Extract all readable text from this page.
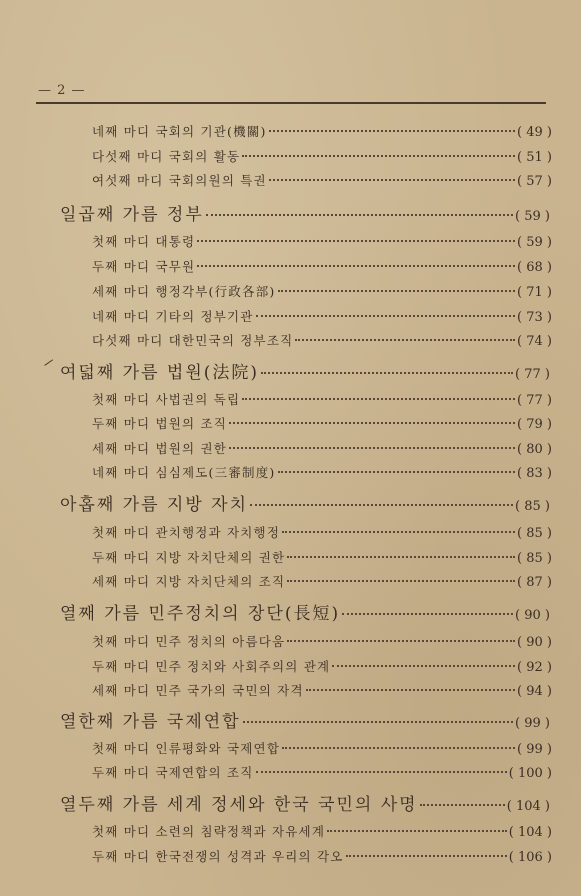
— 2 —
네째 마디 국회의 기관(機關)	( 49 )
다섯째 마디 국회의 활동	( 51 )
여섯째 마디 국회의원의 특권	( 57 )
일곱째 가름 정부	( 59 )
첫째 마디 대통령	( 59 )
두째 마디 국무원	( 68 )
세째 마디 행정각부(行政各部)	( 71 )
네째 마디 기타의 정부기관	( 73 )
다섯째 마디 대한민국의 정부조직	( 74 )
여덟째 가름 법원(法院)	( 77 )
첫째 마디 사법권의 독립	( 77 )
두째 마디 법원의 조직	( 79 )
세째 마디 법원의 권한	( 80 )
네째 마디 심심제도(三審制度)	( 83 )
아홉째 가름 지방 자치	( 85 )
첫째 마디 관치행정과 자치행정	( 85 )
두째 마디 지방 자치단체의 권한	( 85 )
세째 마디 지방 자치단체의 조직	( 87 )
열째 가름 민주정치의 장단(長短)	( 90 )
첫째 마디 민주 정치의 아름다움	( 90 )
두째 마디 민주 정치와 사회주의의 관계	( 92 )
세째 마디 민주 국가의 국민의 자격	( 94 )
열한째 가름 국제연합	( 99 )
첫째 마디 인류평화와 국제연합	( 99 )
두째 마디 국제연합의 조직	( 100 )
열두째 가름 세계 정세와 한국 국민의 사명	( 104 )
첫째 마디 소련의 침략정책과 자유세계	( 104 )
두째 마디 한국전쟁의 성격과 우리의 각오	( 106 )
